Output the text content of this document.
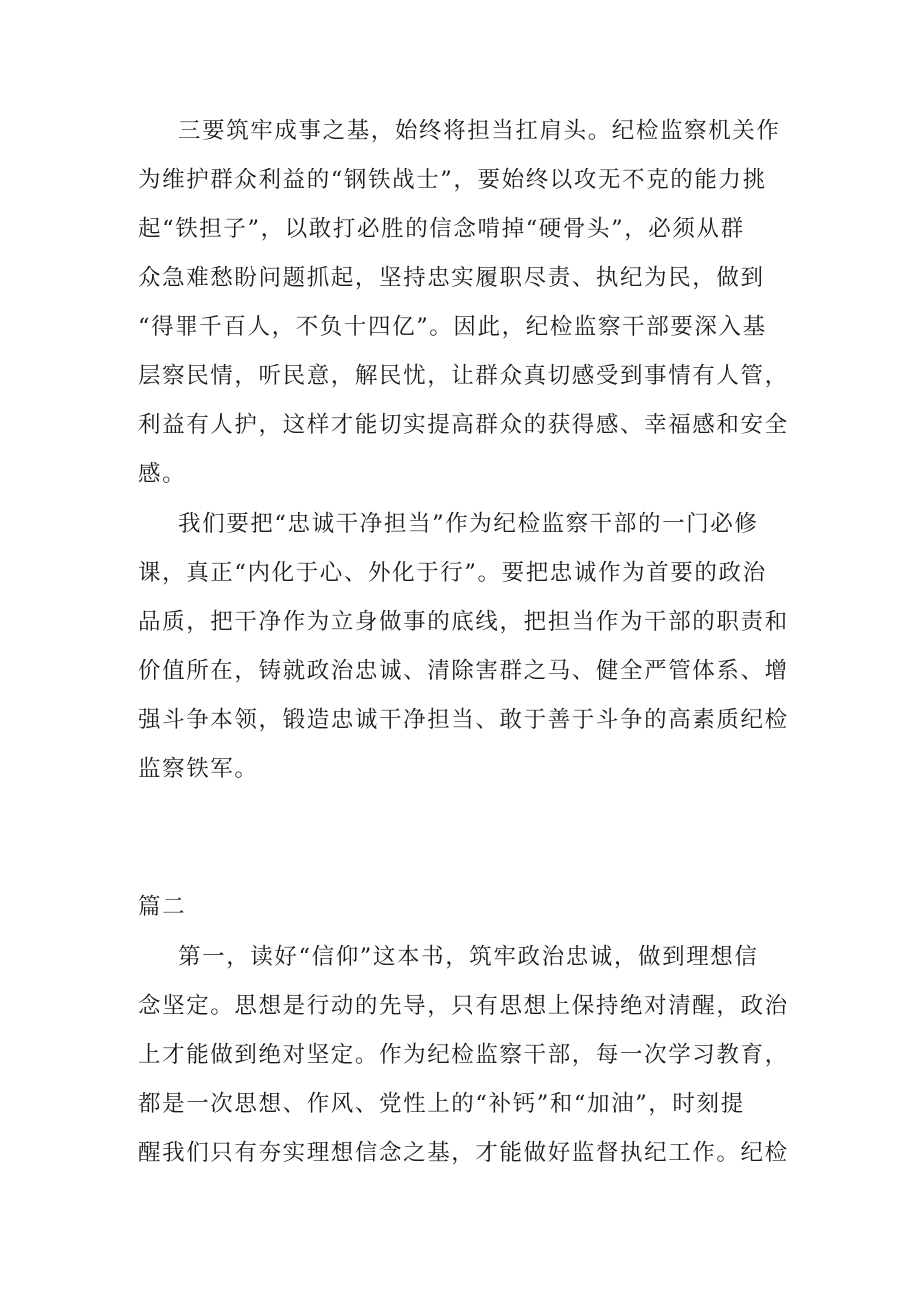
三要筑牢成事之基，始终将担当扛肩头。纪检监察机关作
为维护群众利益的“钢铁战士”，要始终以攻无不克的能力挑
起“铁担子”，以敢打必胜的信念啃掉“硬骨头”，必须从群
众急难愁盼问题抓起，坚持忠实履职尽责、执纪为民，做到
“得罪千百人，不负十四亿”。因此，纪检监察干部要深入基
层察民情，听民意，解民忧，让群众真切感受到事情有人管，
利益有人护，这样才能切实提高群众的获得感、幸福感和安全
感。
我们要把“忠诚干净担当”作为纪检监察干部的一门必修
课，真正“内化于心、外化于行”。要把忠诚作为首要的政治
品质，把干净作为立身做事的底线，把担当作为干部的职责和
价值所在，铸就政治忠诚、清除害群之马、健全严管体系、增
强斗争本领，锻造忠诚干净担当、敢于善于斗争的高素质纪检
监察铁军。
篇二
第一，读好“信仰”这本书，筑牢政治忠诚，做到理想信
念坚定。思想是行动的先导，只有思想上保持绝对清醒，政治
上才能做到绝对坚定。作为纪检监察干部，每一次学习教育，
都是一次思想、作风、党性上的“补钙”和“加油”，时刻提
醒我们只有夯实理想信念之基，才能做好监督执纪工作。纪检
